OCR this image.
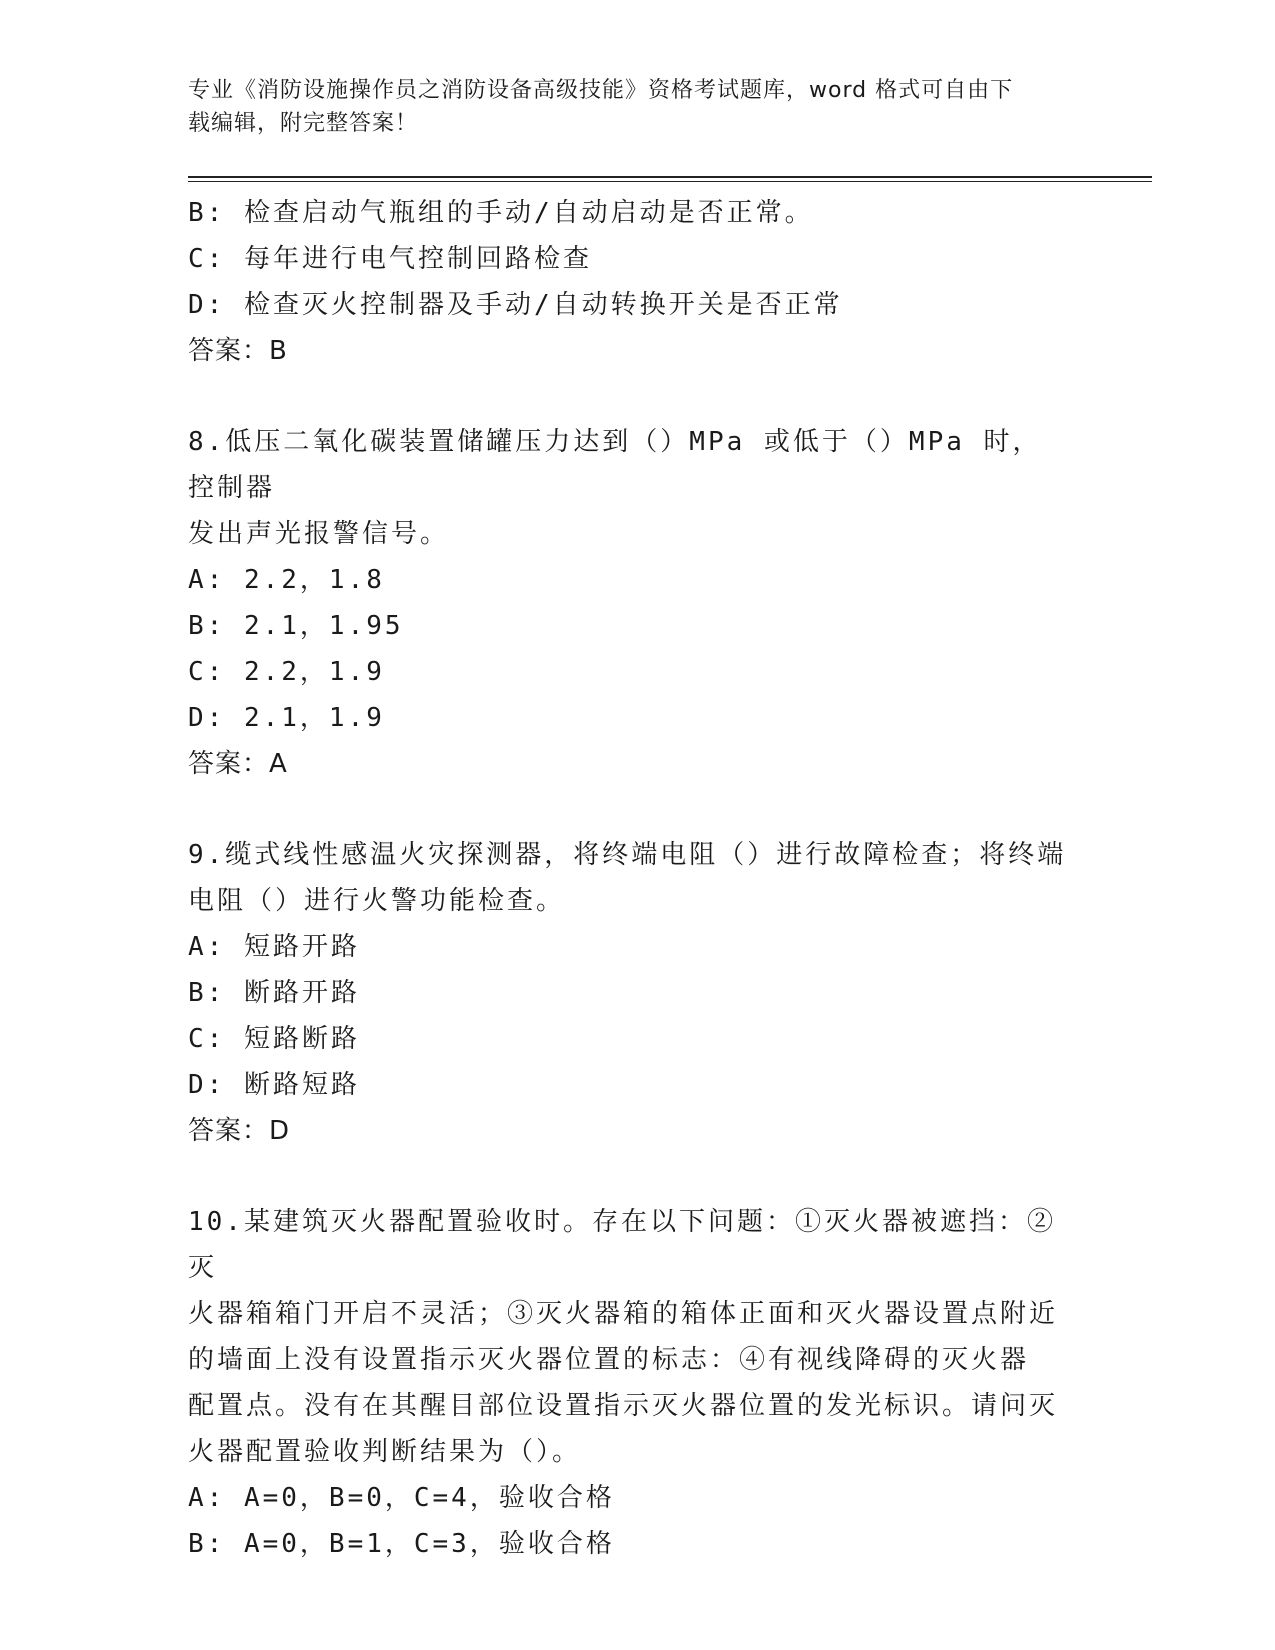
专业《消防设施操作员之消防设备高级技能》资格考试题库，word 格式可自由下
载编辑，附完整答案！
B: 检查启动气瓶组的手动/自动启动是否正常。
C: 每年进行电气控制回路检查
D: 检查灭火控制器及手动/自动转换开关是否正常
答案：B
8.低压二氧化碳装置储罐压力达到（）MPa 或低于（）MPa 时，控制器
发出声光报警信号。
A: 2.2，1.8
B: 2.1，1.95
C: 2.2，1.9
D: 2.1，1.9
答案：A
9.缆式线性感温火灾探测器，将终端电阻（）进行故障检查；将终端
电阻（）进行火警功能检查。
A: 短路开路
B: 断路开路
C: 短路断路
D: 断路短路
答案：D
10.某建筑灭火器配置验收时。存在以下问题：①灭火器被遮挡：②灭
火器箱箱门开启不灵活；③灭火器箱的箱体正面和灭火器设置点附近
的墙面上没有设置指示灭火器位置的标志：④有视线降碍的灭火器
配置点。没有在其醒目部位设置指示灭火器位置的发光标识。请问灭
火器配置验收判断结果为（）。
A: A=0，B=0，C=4，验收合格
B: A=0，B=1，C=3，验收合格
